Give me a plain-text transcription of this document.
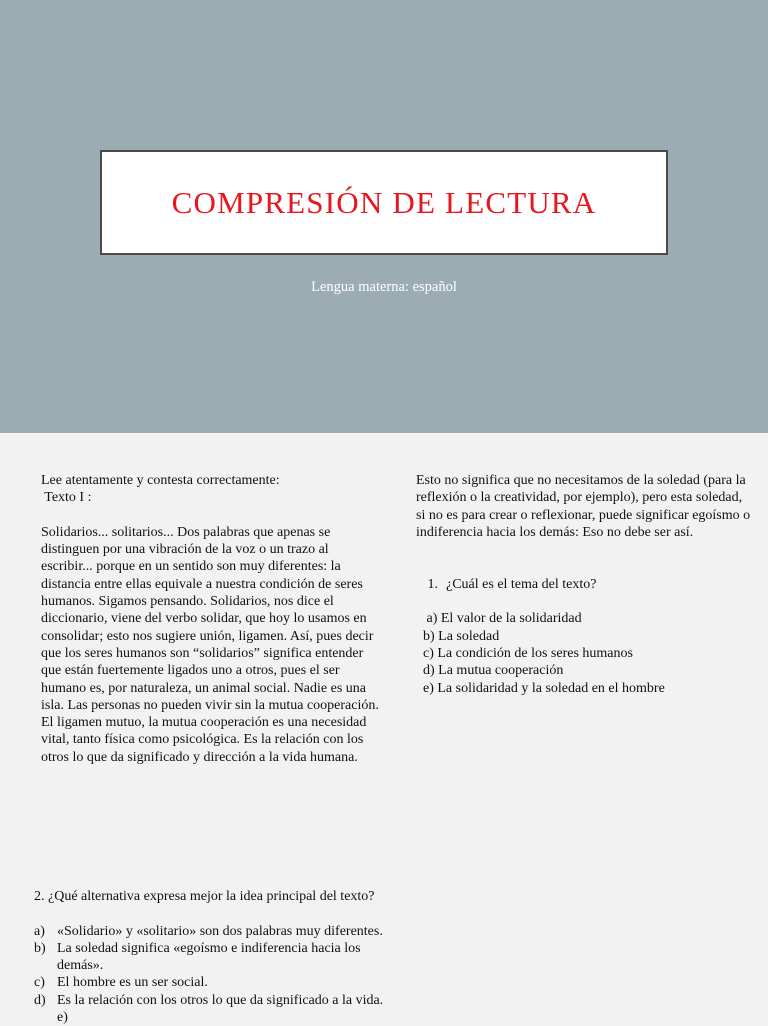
COMPRESIÓN DE LECTURA
Lengua materna: español

Lee atentamente y contesta correctamente:

Texto I :

Solidarios... solitarios... Dos palabras que apenas se distinguen por una vibración de la voz o un trazo al escribir... porque en un sentido son muy diferentes: la distancia entre ellas equivale a nuestra condición de seres humanos. Sigamos pensando. Solidarios, nos dice el diccionario, viene del verbo solidar, que hoy lo usamos en consolidar; esto nos sugiere unión, ligamen. Así, pues decir que los seres humanos son “solidarios” significa entender que están fuertemente ligados uno a otros, pues el ser humano es, por naturaleza, un animal social. Nadie es una isla. Las personas no pueden vivir sin la mutua cooperación. El ligamen mutuo, la mutua cooperación es una necesidad vital, tanto física como psicológica. Es la relación con los otros lo que da significado y dirección a la vida humana.

Esto no significa que no necesitamos de la soledad (para la reflexión o la creatividad, por ejemplo), pero esta soledad, si no es para crear o reflexionar, puede significar egoísmo o indiferencia hacia los demás: Eso no debe ser así.

1. ¿Cuál es el tema del texto?
a) El valor de la solidaridad
b) La soledad
c) La condición de los seres humanos
d) La mutua cooperación
e) La solidaridad y la soledad en el hombre

2. ¿Qué alternativa expresa mejor la idea principal del texto?

a) «Solidario» y «solitario» son dos palabras muy diferentes.
b) La soledad significa «egoísmo e indiferencia hacia los demás».
c) El hombre es un ser social.
d) Es la relación con los otros lo que da significado a la vida.
e)
